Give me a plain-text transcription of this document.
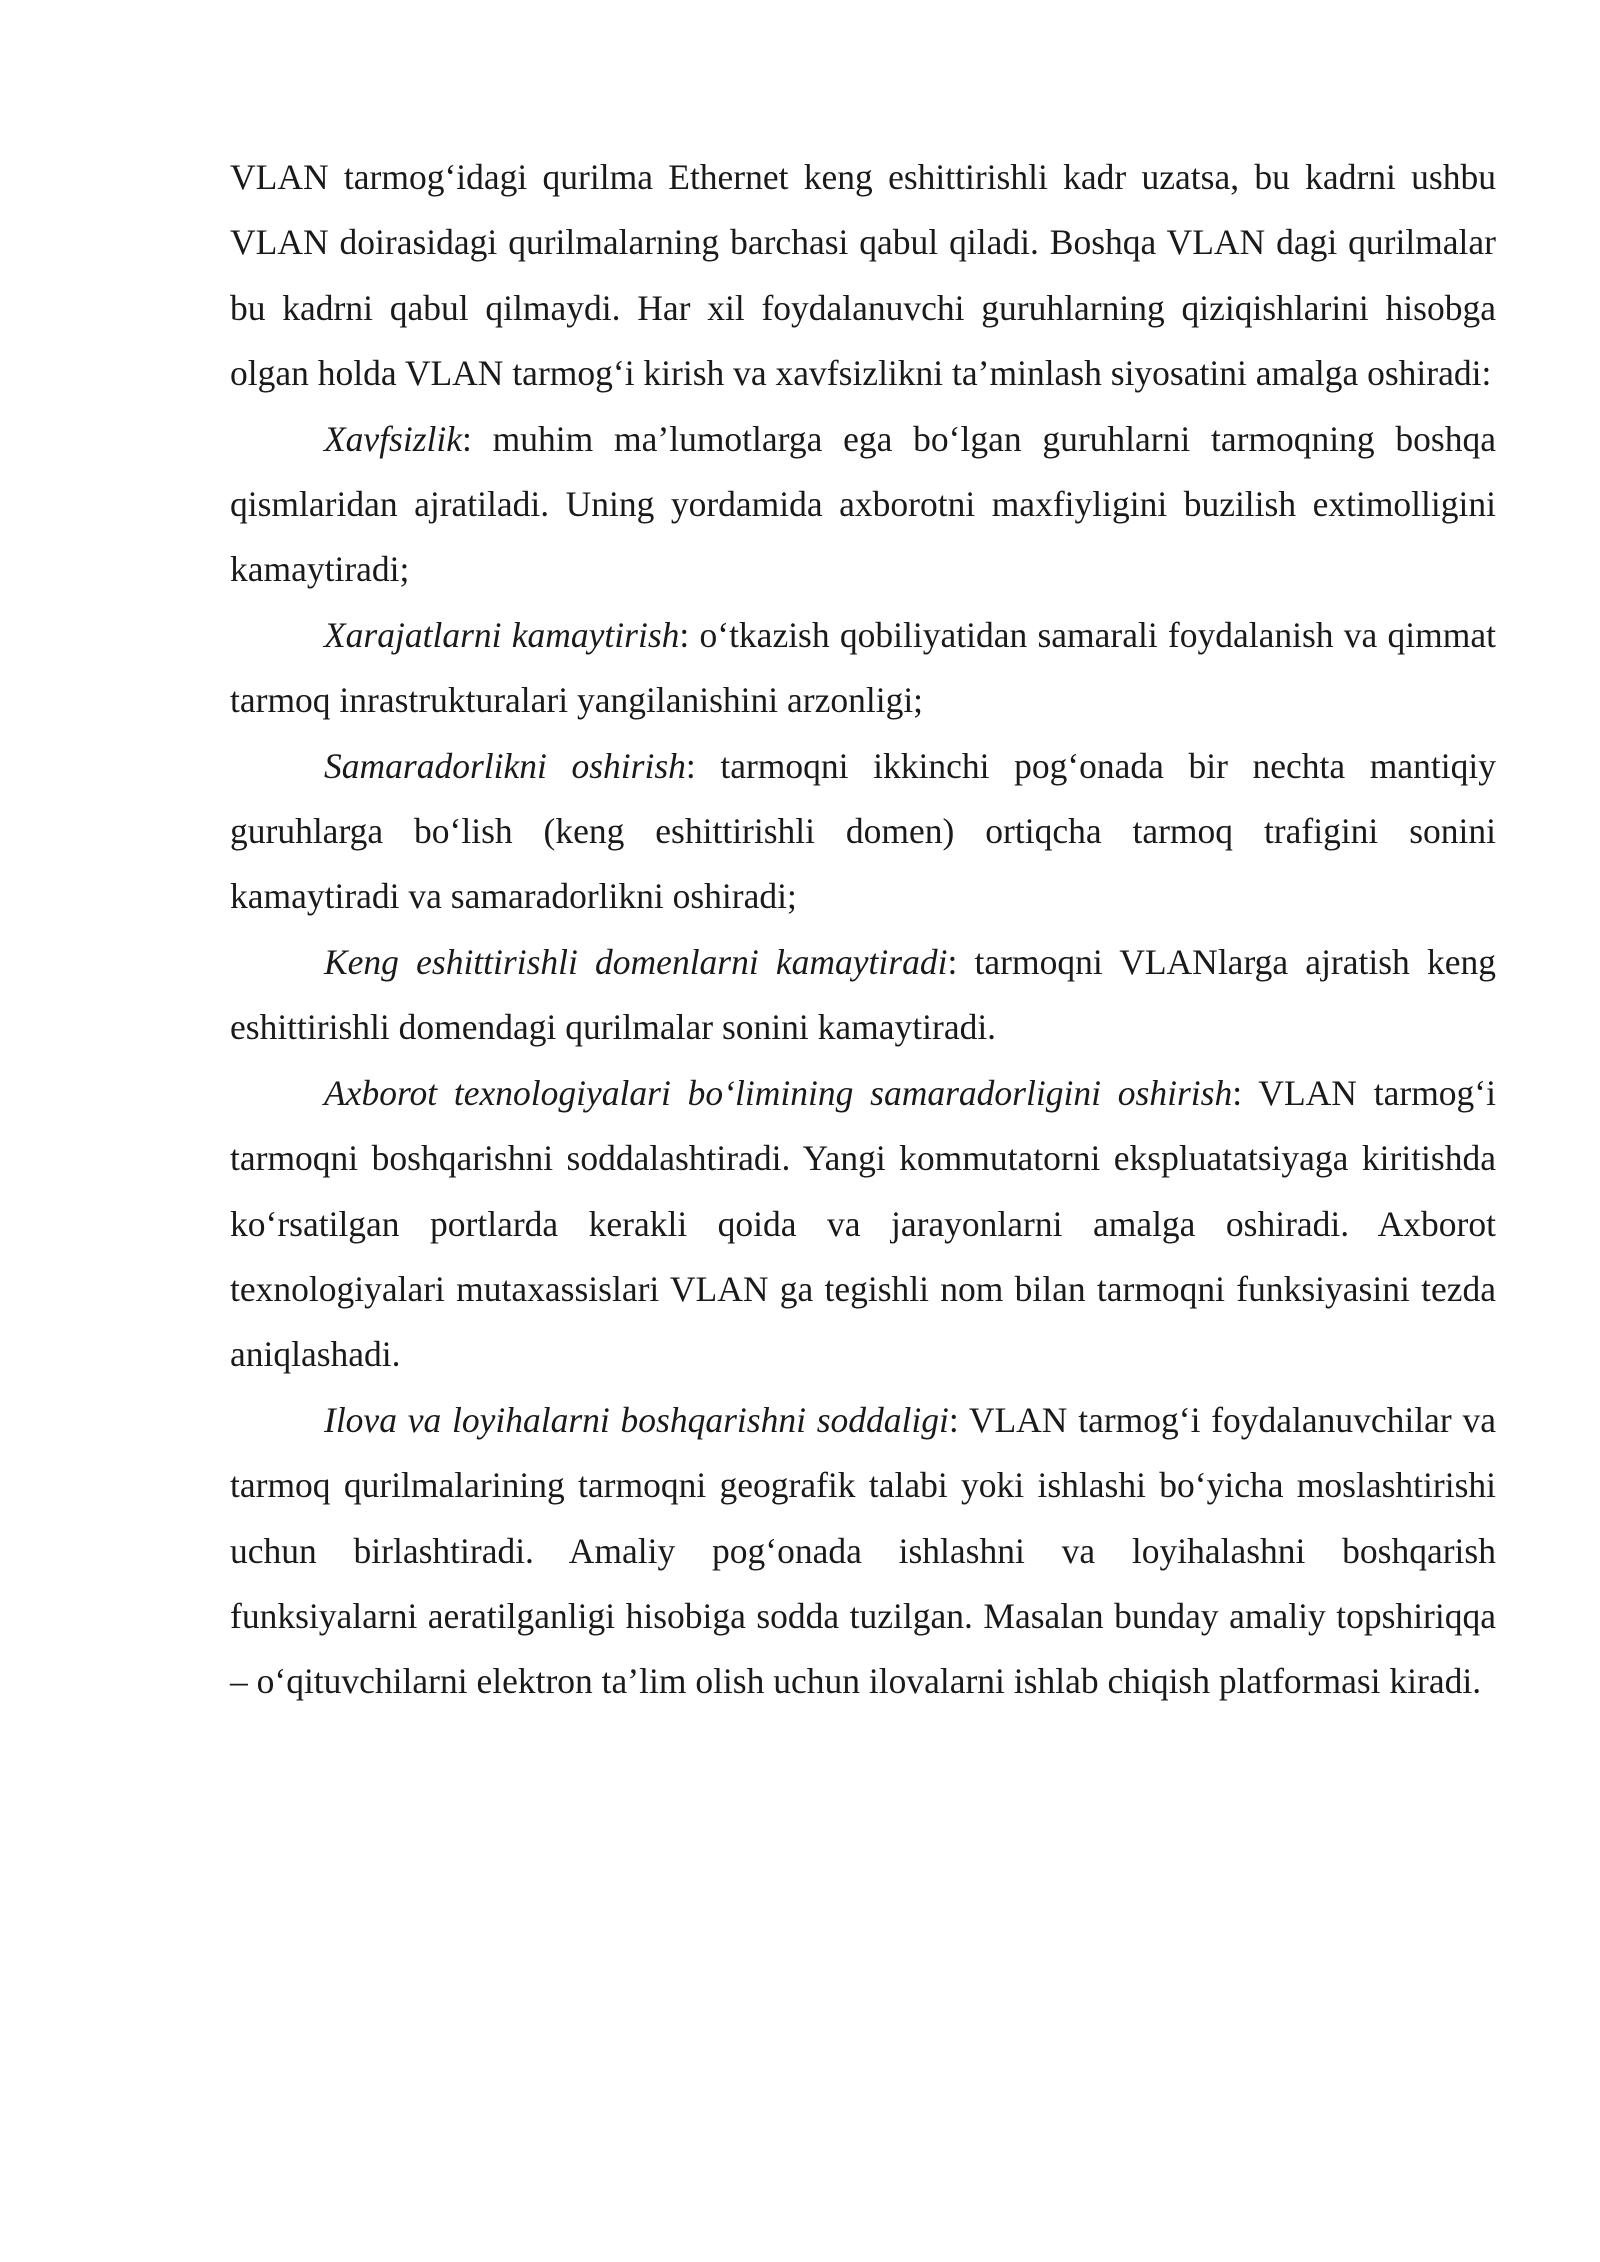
VLAN tarmog‘idagi qurilma Ethernet keng eshittirishli kadr uzatsa, bu kadrni ushbu VLAN doirasidagi qurilmalarning barchasi qabul qiladi. Boshqa VLAN dagi qurilmalar bu kadrni qabul qilmaydi. Har xil foydalanuvchi guruhlarning qiziqishlarini hisobga olgan holda VLAN tarmog‘i kirish va xavfsizlikni ta’minlash siyosatini amalga oshiradi:

Xavfsizlik: muhim ma’lumotlarga ega bo‘lgan guruhlarni tarmoqning boshqa qismlaridan ajratiladi. Uning yordamida axborotni maxfiyligini buzilish extimolligini kamaytiradi;

Xarajatlarni kamaytirish: o‘tkazish qobiliyatidan samarali foydalanish va qimmat tarmoq inrastrukturalari yangilanishini arzonligi;

Samaradorlikni oshirish: tarmoqni ikkinchi pog‘onada bir nechta mantiqiy guruhlarga bo‘lish (keng eshittirishli domen) ortiqcha tarmoq trafigini sonini kamaytiradi va samaradorlikni oshiradi;

Keng eshittirishli domenlarni kamaytiradi: tarmoqni VLANlarga ajratish keng eshittirishli domendagi qurilmalar sonini kamaytiradi.

Axborot texnologiyalari bo‘limining samaradorligini oshirish: VLAN tarmog‘i tarmoqni boshqarishni soddalashtiradi. Yangi kommutatorni ekspluatatsiyaga kiritishda ko‘rsatilgan portlarda kerakli qoida va jarayonlarni amalga oshiradi. Axborot texnologiyalari mutaxassislari VLAN ga tegishli nom bilan tarmoqni funksiyasini tezda aniqlashadi.

Ilova va loyihalarni boshqarishni soddaligi: VLAN tarmog‘i foydalanuvchilar va tarmoq qurilmalarining tarmoqni geografik talabi yoki ishlashi bo‘yicha moslashtirishi uchun birlashtiradi. Amaliy pog‘onada ishlashni va loyihalashni boshqarish funksiyalarni aeratilganligi hisobiga sodda tuzilgan. Masalan bunday amaliy topshiriqqa – o‘qituvchilarni elektron ta’lim olish uchun ilovalarni ishlab chiqish platformasi kiradi.
